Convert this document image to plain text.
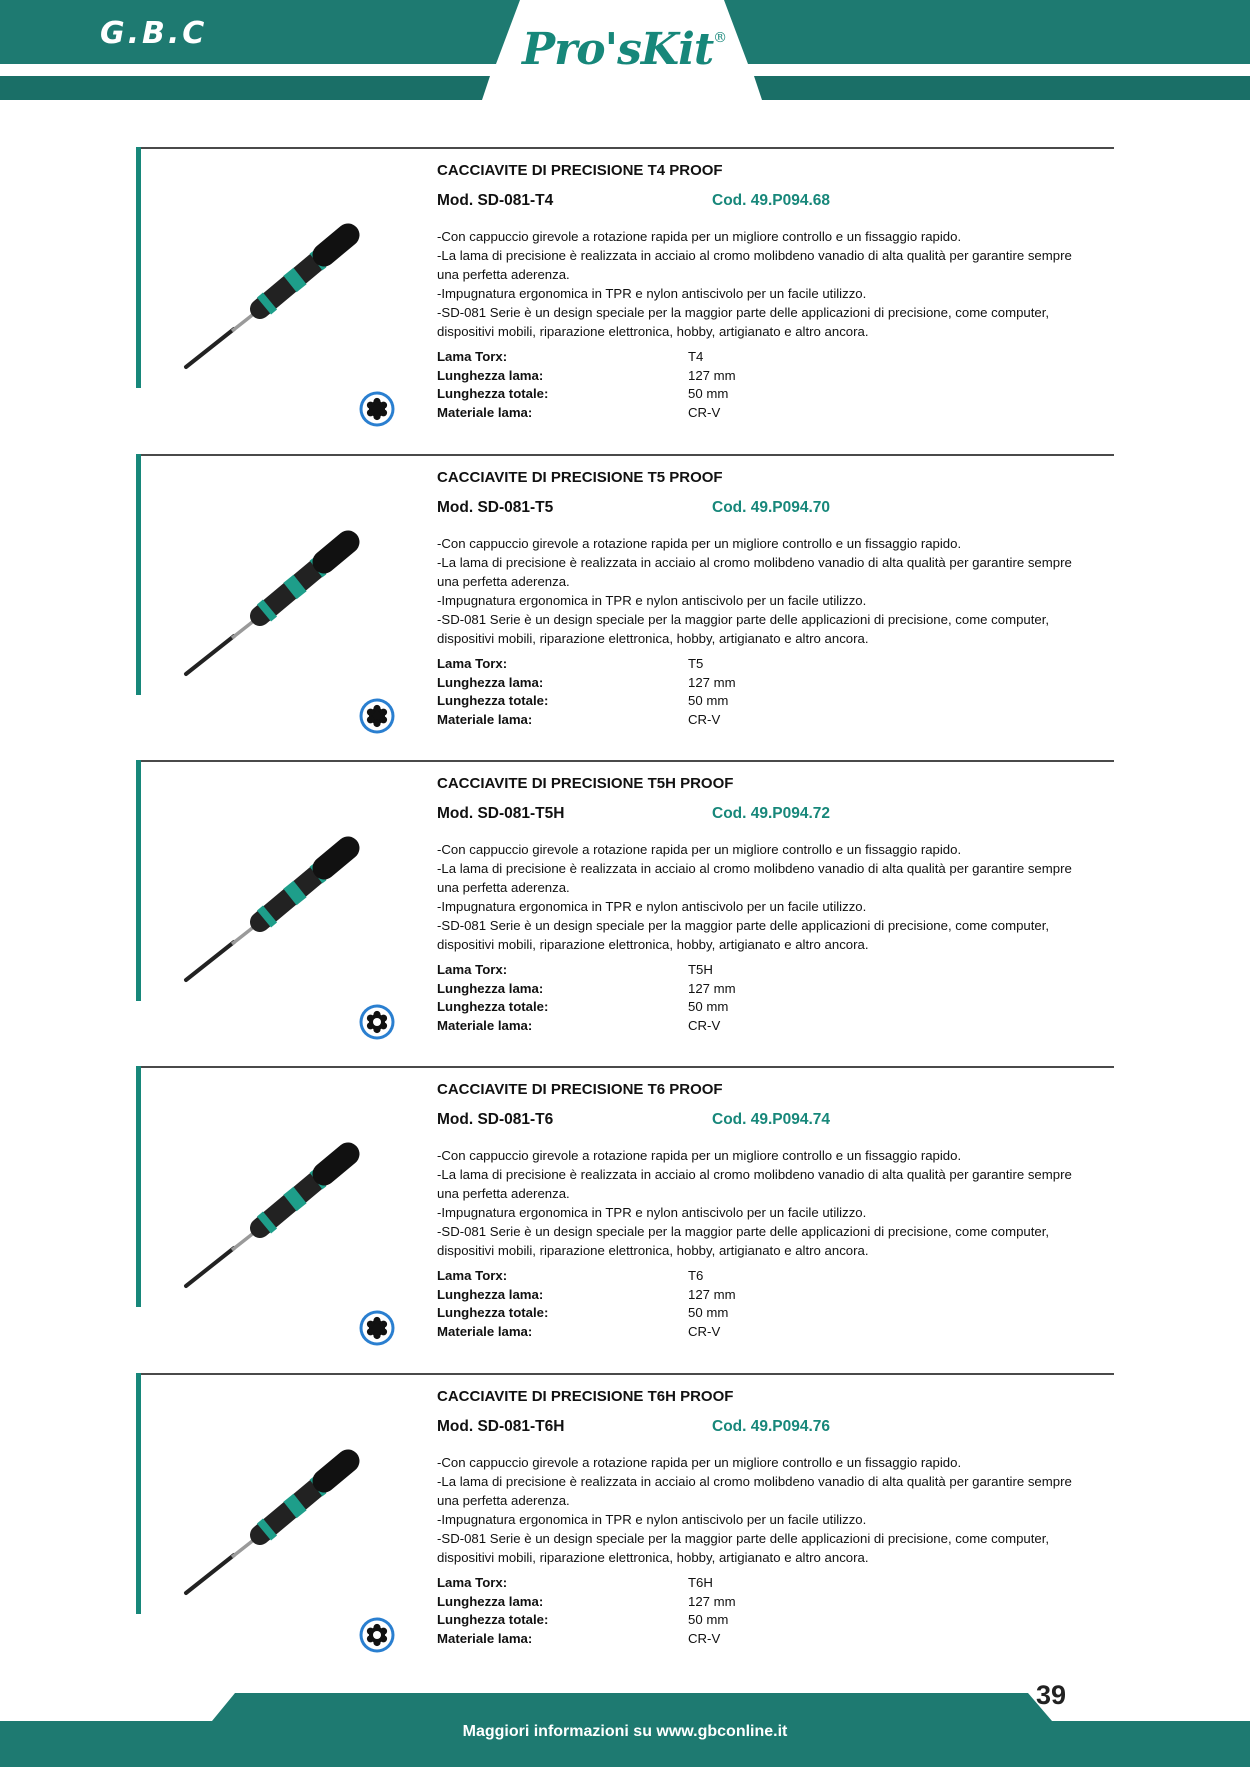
G.B.C	Pro'sKit®
CACCIAVITE DI PRECISIONE T4 PROOF
Mod. SD-081-T4	Cod. 49.P094.68
-Con cappuccio girevole a rotazione rapida per un migliore controllo e un fissaggio rapido.
-La lama di precisione è realizzata in acciaio al cromo molibdeno vanadio di alta qualità per garantire sempre
una perfetta aderenza.
-Impugnatura ergonomica in TPR e nylon antiscivolo per un facile utilizzo.
-SD-081 Serie è un design speciale per la maggior parte delle applicazioni di precisione, come computer,
dispositivi mobili, riparazione elettronica, hobby, artigianato e altro ancora.
Lama Torx:	T4
Lunghezza lama:	127 mm
Lunghezza totale:	50 mm
Materiale lama:	CR-V
CACCIAVITE DI PRECISIONE T5 PROOF
Mod. SD-081-T5	Cod. 49.P094.70
-Con cappuccio girevole a rotazione rapida per un migliore controllo e un fissaggio rapido.
-La lama di precisione è realizzata in acciaio al cromo molibdeno vanadio di alta qualità per garantire sempre
una perfetta aderenza.
-Impugnatura ergonomica in TPR e nylon antiscivolo per un facile utilizzo.
-SD-081 Serie è un design speciale per la maggior parte delle applicazioni di precisione, come computer,
dispositivi mobili, riparazione elettronica, hobby, artigianato e altro ancora.
Lama Torx:	T5
Lunghezza lama:	127 mm
Lunghezza totale:	50 mm
Materiale lama:	CR-V
CACCIAVITE DI PRECISIONE T5H PROOF
Mod. SD-081-T5H	Cod. 49.P094.72
-Con cappuccio girevole a rotazione rapida per un migliore controllo e un fissaggio rapido.
-La lama di precisione è realizzata in acciaio al cromo molibdeno vanadio di alta qualità per garantire sempre
una perfetta aderenza.
-Impugnatura ergonomica in TPR e nylon antiscivolo per un facile utilizzo.
-SD-081 Serie è un design speciale per la maggior parte delle applicazioni di precisione, come computer,
dispositivi mobili, riparazione elettronica, hobby, artigianato e altro ancora.
Lama Torx:	T5H
Lunghezza lama:	127 mm
Lunghezza totale:	50 mm
Materiale lama:	CR-V
CACCIAVITE DI PRECISIONE T6 PROOF
Mod. SD-081-T6	Cod. 49.P094.74
-Con cappuccio girevole a rotazione rapida per un migliore controllo e un fissaggio rapido.
-La lama di precisione è realizzata in acciaio al cromo molibdeno vanadio di alta qualità per garantire sempre
una perfetta aderenza.
-Impugnatura ergonomica in TPR e nylon antiscivolo per un facile utilizzo.
-SD-081 Serie è un design speciale per la maggior parte delle applicazioni di precisione, come computer,
dispositivi mobili, riparazione elettronica, hobby, artigianato e altro ancora.
Lama Torx:	T6
Lunghezza lama:	127 mm
Lunghezza totale:	50 mm
Materiale lama:	CR-V
CACCIAVITE DI PRECISIONE T6H PROOF
Mod. SD-081-T6H	Cod. 49.P094.76
-Con cappuccio girevole a rotazione rapida per un migliore controllo e un fissaggio rapido.
-La lama di precisione è realizzata in acciaio al cromo molibdeno vanadio di alta qualità per garantire sempre
una perfetta aderenza.
-Impugnatura ergonomica in TPR e nylon antiscivolo per un facile utilizzo.
-SD-081 Serie è un design speciale per la maggior parte delle applicazioni di precisione, come computer,
dispositivi mobili, riparazione elettronica, hobby, artigianato e altro ancora.
Lama Torx:	T6H
Lunghezza lama:	127 mm
Lunghezza totale:	50 mm
Materiale lama:	CR-V
39
Maggiori informazioni su www.gbconline.it
